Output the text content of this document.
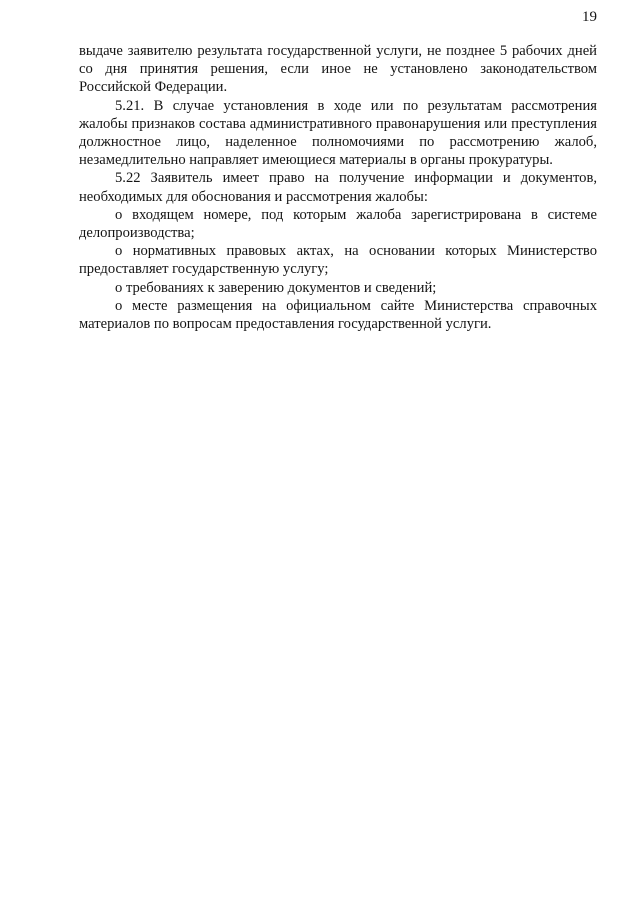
19

выдаче заявителю результата государственной услуги, не позднее 5 рабочих дней со дня принятия решения, если иное не установлено законодательством Российской Федерации.

5.21. В случае установления в ходе или по результатам рассмотрения жалобы признаков состава административного правонарушения или преступления должностное лицо, наделенное полномочиями по рассмотрению жалоб, незамедлительно направляет имеющиеся материалы в органы прокуратуры.

5.22 Заявитель имеет право на получение информации и документов, необходимых для обоснования и рассмотрения жалобы:

о входящем номере, под которым жалоба зарегистрирована в системе делопроизводства;

о нормативных правовых актах, на основании которых Министерство предоставляет государственную услугу;

о требованиях к заверению документов и сведений;

о месте размещения на официальном сайте Министерства справочных материалов по вопросам предоставления государственной услуги.
